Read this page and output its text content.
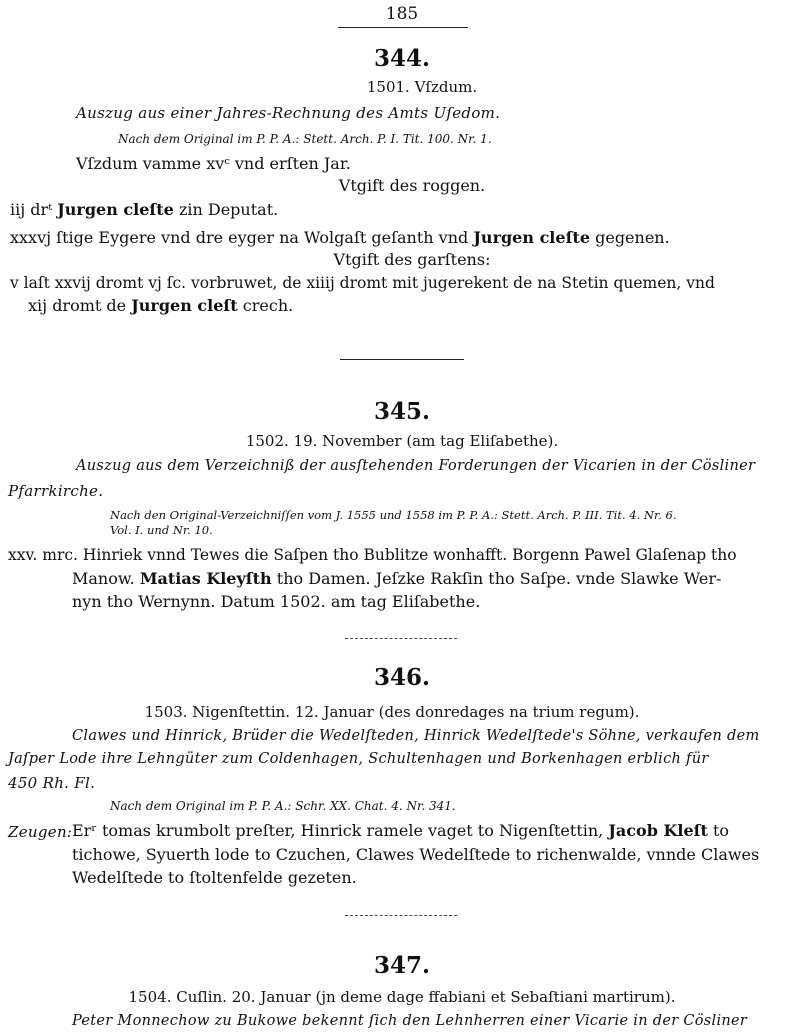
185
344.
1501. Vſzdum.
Auszug aus einer Jahres-Rechnung des Amts Uſedom.
Nach dem Original im P. P. A.: Stett. Arch. P. I. Tit. 100. Nr. 1.
Vſzdum vamme xvᶜ vnd erſten Jar.
Vtgift des roggen.
iij drᵗ Jurgen cleſte zin Deputat.
xxxvj ſtige Eygere vnd dre eyger na Wolgaſt geſanth vnd Jurgen cleſte gegenen.
Vtgift des garſtens:
v laſt xxvij dromt vj ſc. vorbruwet, de xiiij dromt mit jugerekent de na Stetin quemen, vnd
xij dromt de Jurgen cleſt crech.
345.
1502. 19. November (am tag Eliſabethe).
Auszug aus dem Verzeichniß der ausſtehenden Forderungen der Vicarien in der Cösliner
Pfarrkirche.
Nach den Original-Verzeichniſſen vom J. 1555 und 1558 im P. P. A.: Stett. Arch. P. III. Tit. 4. Nr. 6.
Vol. I. und Nr. 10.
xxv. mrc. Hinriek vnnd Tewes die Saſpen tho Bublitze wonhafft. Borgenn Pawel Glaſenap tho
Manow. Matias Kleyſth tho Damen. Jeſzke Rakſin tho Saſpe. vnde Slawke Wer-
nyn tho Wernynn. Datum 1502. am tag Eliſabethe.
346.
1503. Nigenſtettin. 12. Januar (des donredages na trium regum).
Clawes und Hinrick, Brüder die Wedelſteden, Hinrick Wedelſtede's Söhne, verkaufen dem
Jaſper Lode ihre Lehngüter zum Coldenhagen, Schultenhagen und Borkenhagen erblich für
450 Rh. Fl.
Nach dem Original im P. P. A.: Schr. XX. Chat. 4. Nr. 341.
Zeugen: Erʳ tomas krumbolt preſter, Hinrick ramele vaget to Nigenſtettin, Jacob Kleſt to
tichowe, Syuerth lode to Czuchen, Clawes Wedelſtede to richenwalde, vnnde Clawes
Wedelſtede to ſtoltenfelde gezeten.
347.
1504. Cuſlin. 20. Januar (jn deme dage ffabiani et Sebaſtiani martirum).
Peter Monnechow zu Bukowe bekennt ſich den Lehnherren einer Vicarie in der Cösliner
